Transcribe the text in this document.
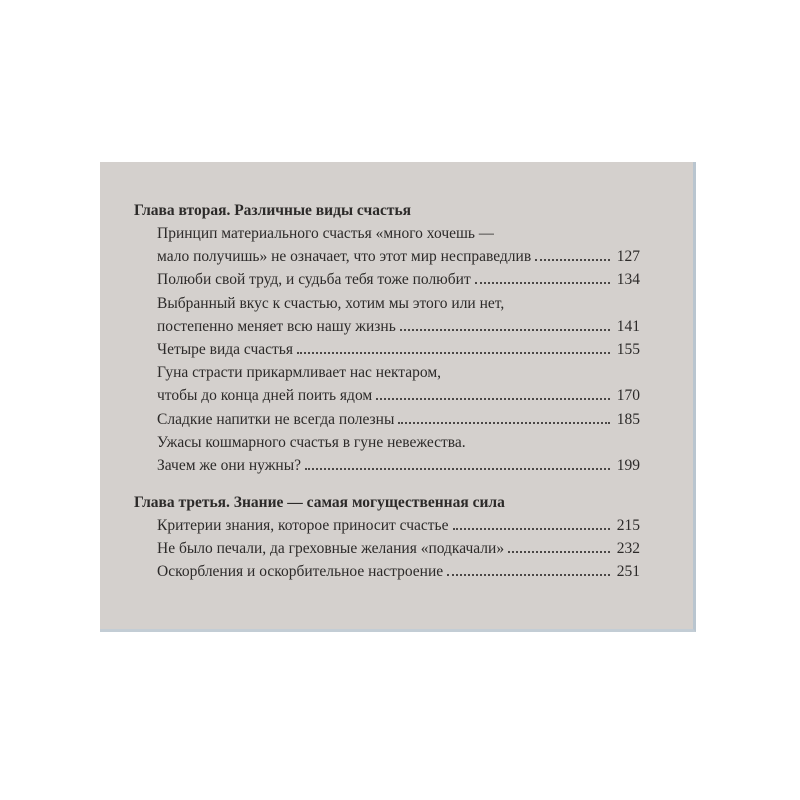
Глава вторая. Различные виды счастья
Принцип материального счастья «много хочешь —
мало получишь» не означает, что этот мир несправедлив	127
Полюби свой труд, и судьба тебя тоже полюбит	134
Выбранный вкус к счастью, хотим мы этого или нет,
постепенно меняет всю нашу жизнь	141
Четыре вида счастья	155
Гуна страсти прикармливает нас нектаром,
чтобы до конца дней поить ядом	170
Сладкие напитки не всегда полезны	185
Ужасы кошмарного счастья в гуне невежества.
Зачем же они нужны?	199
Глава третья. Знание — самая могущественная сила
Критерии знания, которое приносит счастье	215
Не было печали, да греховные желания «подкачали»	232
Оскорбления и оскорбительное настроение	251
